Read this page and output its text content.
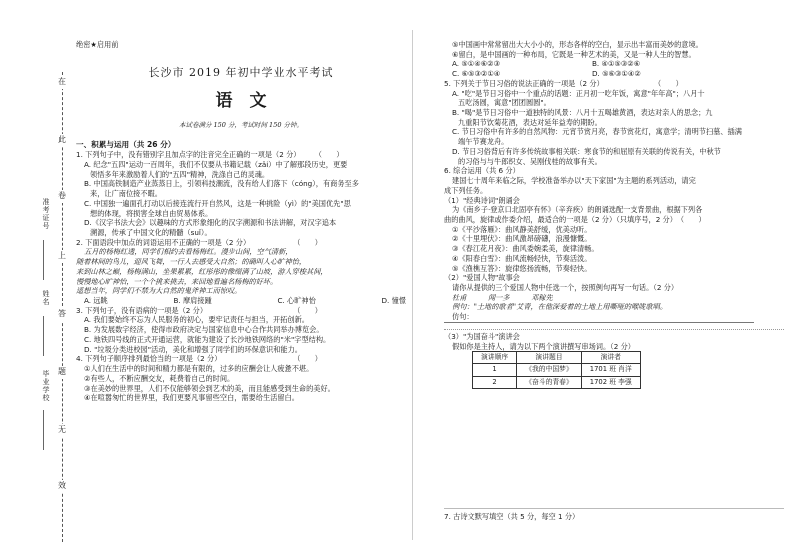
在
此
卷
上
答
题
无
效
准考证号
姓名
毕业学校
绝密★启用前
长沙市 2019 年初中学业水平考试
语　文
本试卷满分 150 分，考试时间 150 分钟。
一、积累与运用（共 26 分）
1. 下列句子中，没有错别字且加点字的注音完全正确的一项是（2 分）　　　（　　）
A. 纪念"五四"运动一百周年，我们不仅要从书籍记载（zǎi）中了解那段历史，更要
领悟多年来激励着人们的"五四"精神，洗涤自己的灵魂。
B. 中国高铁制造产业蒸蒸日上，引领科技潮流，没有给人们落下（cóng），有商务至多
来，让广南位接不暇。
C. 中国独一遍面孔打动以后接连流行开自然风，这是一种挑险（yì）的"美国优先"思
想的体现，将损害全球自由贸易体系。
D.《汉字书法大会》以趣味的方式形象细化的汉字溯源和书法讲解，对汉字追本
溯源，传承了中国文化的精髓（suǐ）。
2. 下面语段中加点的词语运用不正确的一项是（2 分）　　　　　　　（　　）
五月的杨梅红透，同学们相约去看杨梅红。漫步山间，空气清新，
随着林间的鸟儿，迎风飞舞，一行人去感受大自然；的确叫人心旷神怡，
来到山林之巅，杨梅满山，坐果累累，红彤彤的像缀满了山坡，游人穿梭其间，
慢慢地心旷神怡，一个个挑来挑去，来回地看遍名杨梅的好坏。
遥想当年，同学们不禁为大自然的鬼斧神工而惊叹。
A. 远眺	B. 摩肩接踵	C. 心旷神怡	D. 憧憬
3. 下列句子，没有语病的一项是（2 分）　　　　　　　　　　　　　（　　）
A. 我们要始终不忘为人民服务的初心，要牢记责任与担当，开拓创新。
B. 为发展数字经济，使得市政府决定与国家信息中心合作共同举办博览会。
C. 地铁四号线的正式开通运营，就能为建设了长沙地铁网络的"米"字型结构。
D. "垃圾分类进校园"活动，美化和增强了同学们的环保意识和能力。
4. 下列句子顺序排列最恰当的一项是（2 分）　　　　　　　　　　　（　　）
①人们在生活中的时间和精力都是有限的，过多的应酬会让人疲惫不堪。
②有些人，不断应酬交友，耗费着自己的时间。
③在美妙的世界里，人们不仅能够领会到艺术的美，而且能感受到生命的美好。
④在喧嚣匆忙的世界里，我们更要凡事留些空白，需要给生活留白。
⑤中国画中常常留出大大小小的，形态各样的空白，显示出丰富而美妙的意境。
⑥留白，是中国画的一种布局，它既是一种艺术的美，又是一种人生的智慧。
A. ⑤①④⑥②③	B. ④①⑤③②⑥
C. ⑥⑤③②①④	D. ⑤⑥③①④②
5. 下列关于节日习俗的说法正确的一项是（2 分）　　　　　　　　（　　）
A. "吃"是节日习俗中一个重点的话题：正月初一吃年饭，寓意"年年高"；八月十
五吃汤圆，寓意"团团圆圆"。
B. "喝"是节日习俗中一道独特的风景：八月十五喝雄黄酒，表达对亲人的思念；九
九重阳节饮菊花酒，表达对延年益寿的期盼。
C. 节日习俗中有许多的自然风物：元宵节赏月亮，春节赏花灯，寓意学；清明节扫墓、插满
端午节赛龙舟。
D. 节日习俗背后有许多传统故事相关联：寒食节的和屈原有关联的传说有关，中秋节
的习俗与与牛郎织女、吴刚伐桂的故事有关。
6. 综合运用（共 6 分）
建国七十周年来临之际，学校准备举办以"天下家国"为主题的系列活动，请完
成下列任务。
（1）"经典诗词"朗诵会
为《南乡子·登京口北固亭有怀》（辛弃疾）的朗诵选配一支背景曲，根据下列各
曲的曲风，旋律或作委介绍，最适合的一项是（2 分）（只填序号，2 分）　（　　）
①《平沙落雁》：曲风静美舒缓，优美动听。
②《十里埋伏》：曲风激昂磅礴，浪漫慷慨。
③《春江花月夜》：曲风委婉柔美，旋律清畅。
④《阳春白雪》：曲风流畅轻快，节奏活泼。
⑤《渔樵互答》：旋律悠扬流畅，节奏轻快。
（2）"爱国人物"故事会
请你从提供的三个爱国人物中任选一个，按照例句再写一句话。（2 分）
杜甫　　　闻一多　　　邓稼先
例句："土地的歌者"艾青，在他深爱着的土地上用嘶哑的喉咙歌唱。
仿句：
（3）"为国奋斗"演讲会
假如你是主持人，请为以下两个演讲撰写串场词。（2 分）
演讲顺序	演讲题目	演讲者
1	《我的中国梦》	1701 班 肖洋
2	《奋斗的青春》	1702 班 李强
7. 古诗文默写填空（共 5 分，每空 1 分）
